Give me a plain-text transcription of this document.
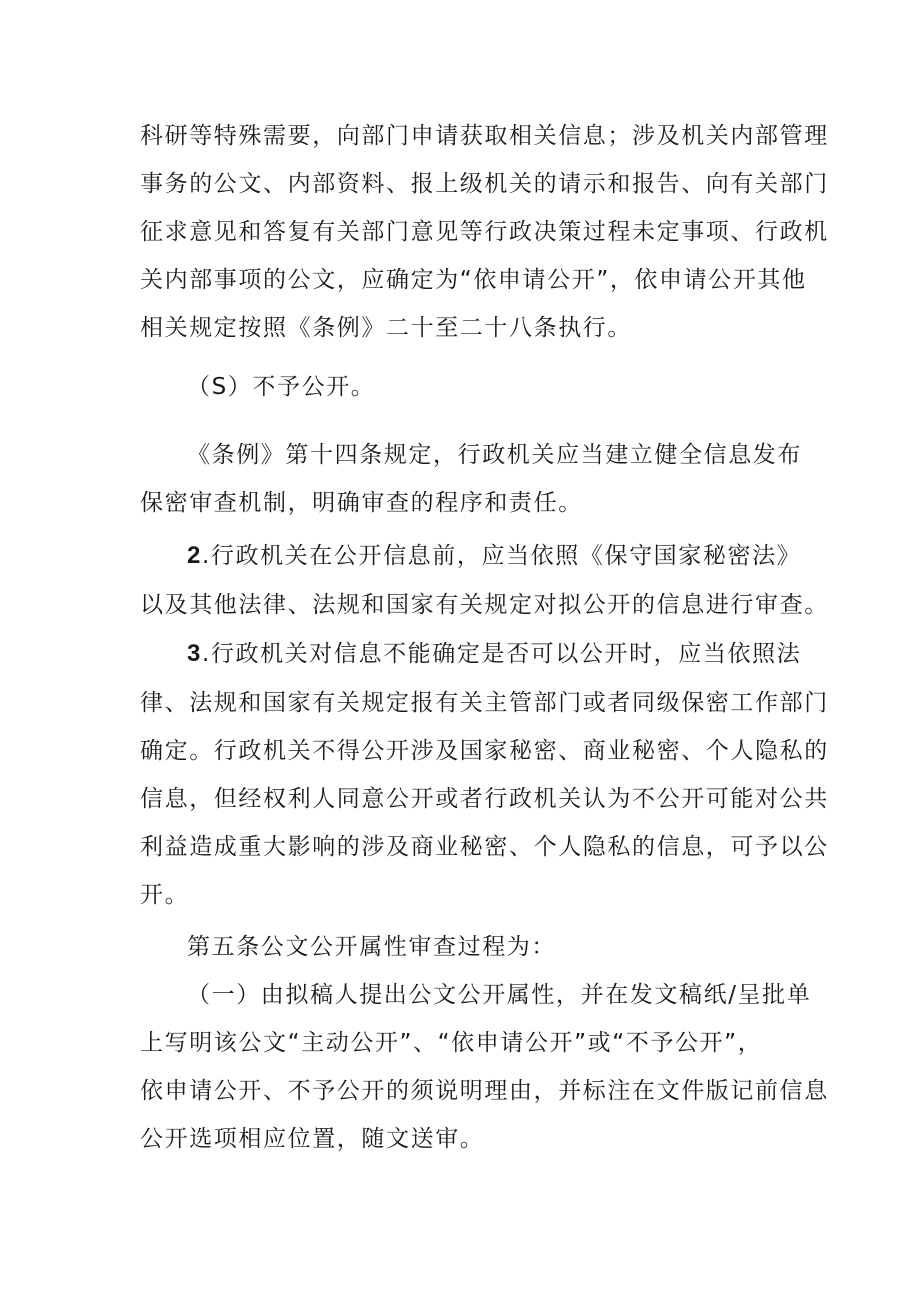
科研等特殊需要，向部门申请获取相关信息；涉及机关内部管理
事务的公文、内部资料、报上级机关的请示和报告、向有关部门
征求意见和答复有关部门意见等行政决策过程未定事项、行政机
关内部事项的公文，应确定为“依申请公开”，依申请公开其他
相关规定按照《条例》二十至二十八条执行。
（S）不予公开。
《条例》第十四条规定，行政机关应当建立健全信息发布
保密审查机制，明确审查的程序和责任。
2.行政机关在公开信息前，应当依照《保守国家秘密法》
以及其他法律、法规和国家有关规定对拟公开的信息进行审查。
3.行政机关对信息不能确定是否可以公开时，应当依照法
律、法规和国家有关规定报有关主管部门或者同级保密工作部门
确定。行政机关不得公开涉及国家秘密、商业秘密、个人隐私的
信息，但经权利人同意公开或者行政机关认为不公开可能对公共
利益造成重大影响的涉及商业秘密、个人隐私的信息，可予以公
开。
第五条公文公开属性审查过程为：
（一）由拟稿人提出公文公开属性，并在发文稿纸/呈批单
上写明该公文“主动公开”、“依申请公开”或“不予公开”，
依申请公开、不予公开的须说明理由，并标注在文件版记前信息
公开选项相应位置，随文送审。
